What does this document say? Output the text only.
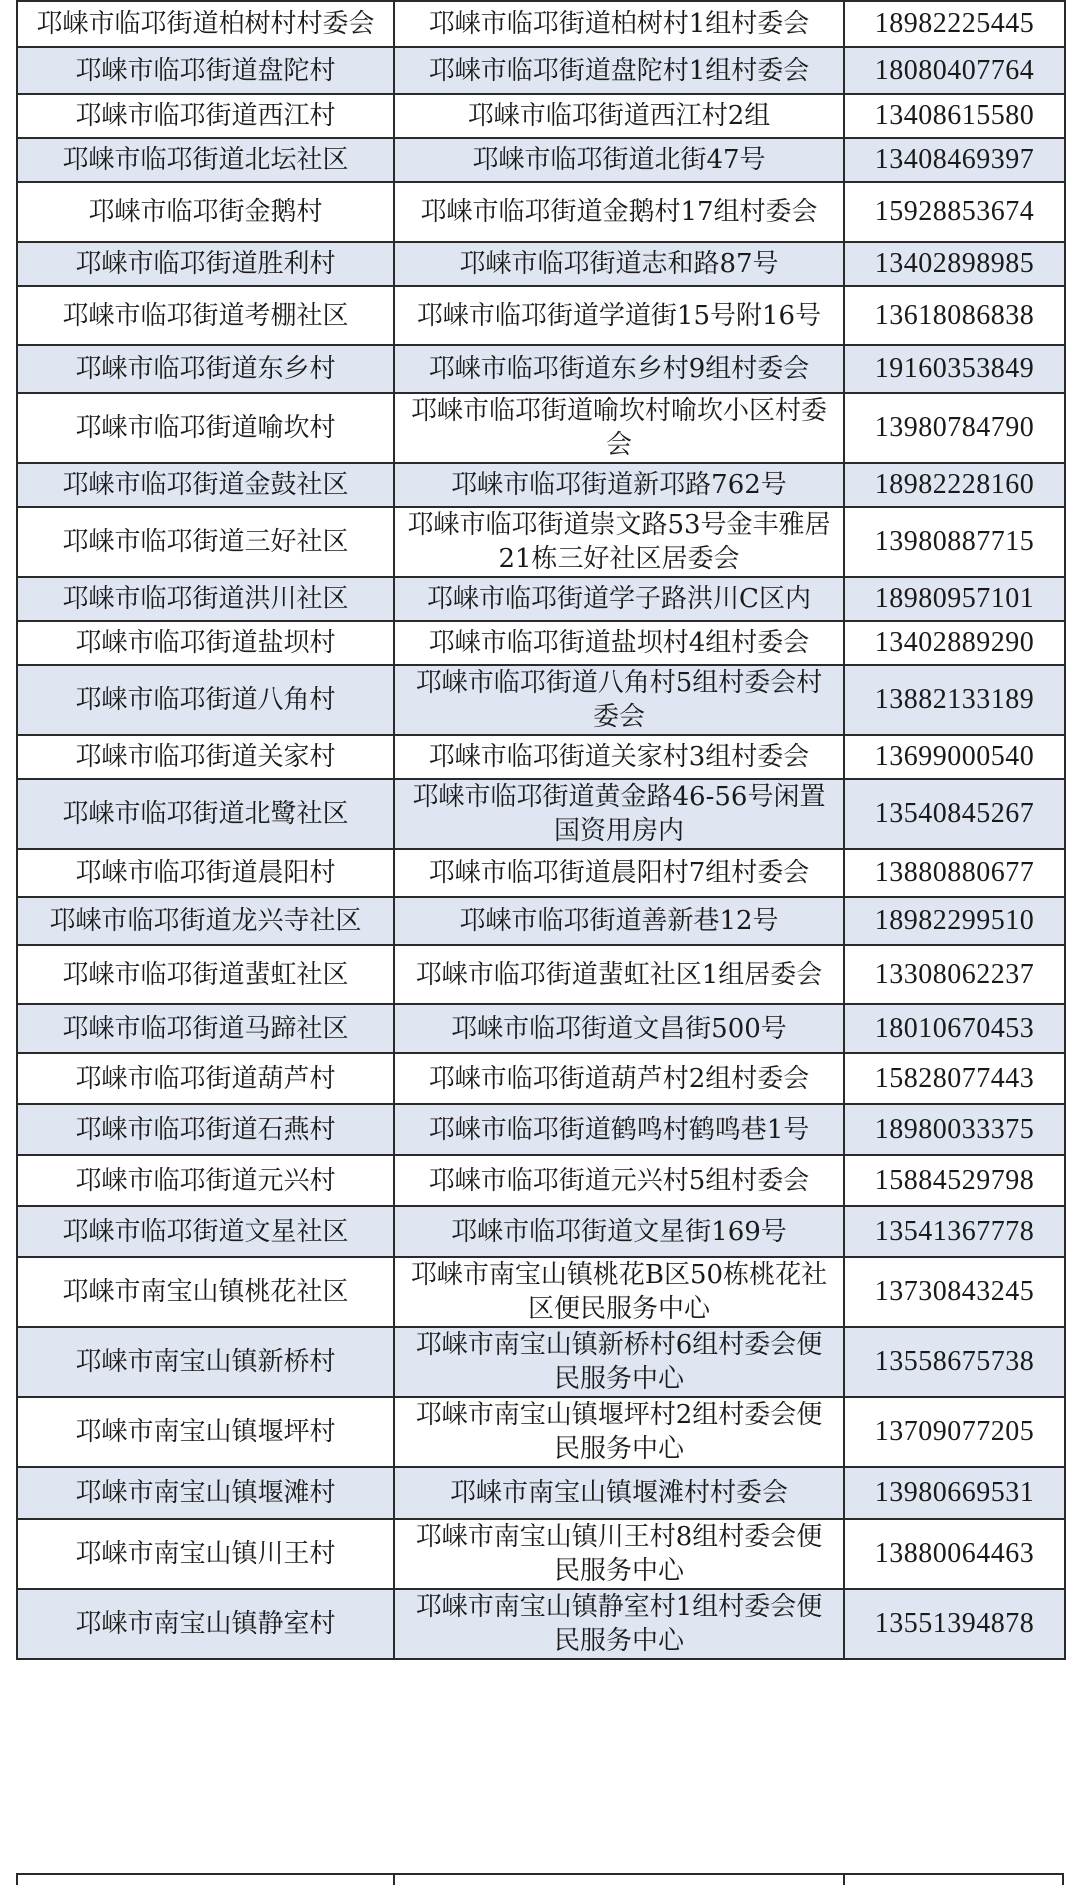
邛崃市临邛街道柏树村村委会	邛崃市临邛街道柏树村1组村委会	18982225445
邛崃市临邛街道盘陀村	邛崃市临邛街道盘陀村1组村委会	18080407764
邛崃市临邛街道西江村	邛崃市临邛街道西江村2组	13408615580
邛崃市临邛街道北坛社区	邛崃市临邛街道北街47号	13408469397
邛崃市临邛街金鹅村	邛崃市临邛街道金鹅村17组村委会	15928853674
邛崃市临邛街道胜利村	邛崃市临邛街道志和路87号	13402898985
邛崃市临邛街道考棚社区	邛崃市临邛街道学道街15号附16号	13618086838
邛崃市临邛街道东乡村	邛崃市临邛街道东乡村9组村委会	19160353849
邛崃市临邛街道喻坎村	邛崃市临邛街道喻坎村喻坎小区村委会	13980784790
邛崃市临邛街道金鼓社区	邛崃市临邛街道新邛路762号	18982228160
邛崃市临邛街道三好社区	邛崃市临邛街道崇文路53号金丰雅居21栋三好社区居委会	13980887715
邛崃市临邛街道洪川社区	邛崃市临邛街道学子路洪川C区内	18980957101
邛崃市临邛街道盐坝村	邛崃市临邛街道盐坝村4组村委会	13402889290
邛崃市临邛街道八角村	邛崃市临邛街道八角村5组村委会村委会	13882133189
邛崃市临邛街道关家村	邛崃市临邛街道关家村3组村委会	13699000540
邛崃市临邛街道北鹭社区	邛崃市临邛街道黄金路46-56号闲置国资用房内	13540845267
邛崃市临邛街道晨阳村	邛崃市临邛街道晨阳村7组村委会	13880880677
邛崃市临邛街道龙兴寺社区	邛崃市临邛街道善新巷12号	18982299510
邛崃市临邛街道蜚虹社区	邛崃市临邛街道蜚虹社区1组居委会	13308062237
邛崃市临邛街道马蹄社区	邛崃市临邛街道文昌街500号	18010670453
邛崃市临邛街道葫芦村	邛崃市临邛街道葫芦村2组村委会	15828077443
邛崃市临邛街道石燕村	邛崃市临邛街道鹤鸣村鹤鸣巷1号	18980033375
邛崃市临邛街道元兴村	邛崃市临邛街道元兴村5组村委会	15884529798
邛崃市临邛街道文星社区	邛崃市临邛街道文星街169号	13541367778
邛崃市南宝山镇桃花社区	邛崃市南宝山镇桃花B区50栋桃花社区便民服务中心	13730843245
邛崃市南宝山镇新桥村	邛崃市南宝山镇新桥村6组村委会便民服务中心	13558675738
邛崃市南宝山镇堰坪村	邛崃市南宝山镇堰坪村2组村委会便民服务中心	13709077205
邛崃市南宝山镇堰滩村	邛崃市南宝山镇堰滩村村委会	13980669531
邛崃市南宝山镇川王村	邛崃市南宝山镇川王村8组村委会便民服务中心	13880064463
邛崃市南宝山镇静室村	邛崃市南宝山镇静室村1组村委会便民服务中心	13551394878
